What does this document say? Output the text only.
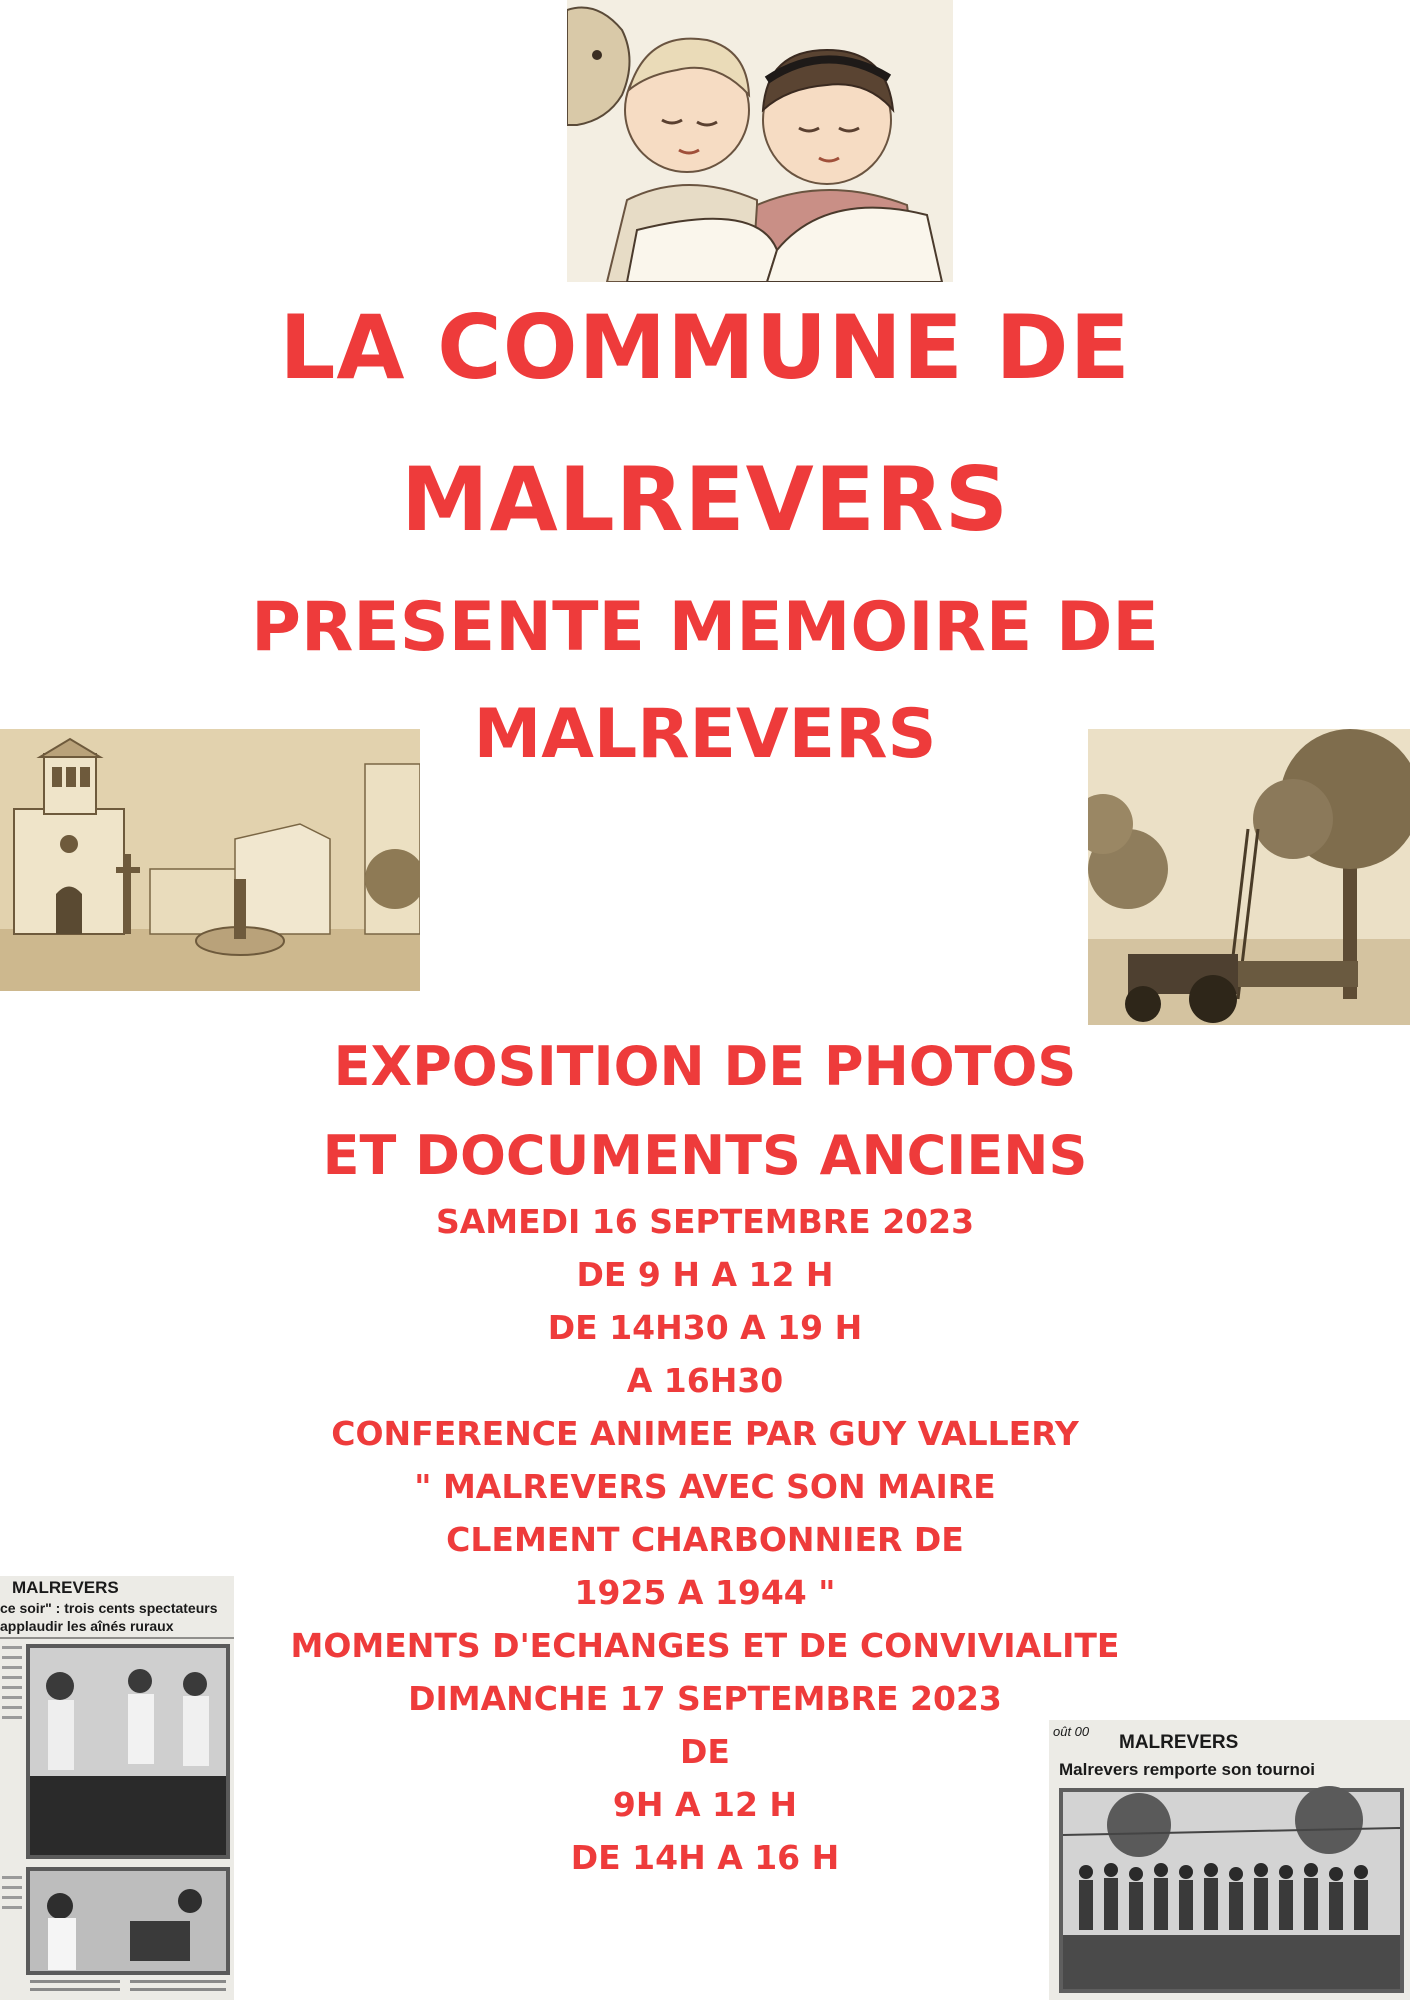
LA COMMUNE DE

MALREVERS

PRESENTE MEMOIRE DE

MALREVERS

EXPOSITION DE PHOTOS

ET DOCUMENTS ANCIENS

SAMEDI 16 SEPTEMBRE 2023

DE 9 H A 12 H

DE 14H30 A 19 H

A 16H30

CONFERENCE ANIMEE PAR GUY VALLERY

" MALREVERS AVEC SON MAIRE

CLEMENT CHARBONNIER DE

1925 A 1944 "

MOMENTS D'ECHANGES ET DE CONVIVIALITE

DIMANCHE 17 SEPTEMBRE 2023

DE

9H A 12 H

DE 14H A 16 H

MALREVERS
ce soir" : trois cents spectateurs
applaudir les aînés ruraux
oût 00
MALREVERS
Malrevers remporte son tournoi
